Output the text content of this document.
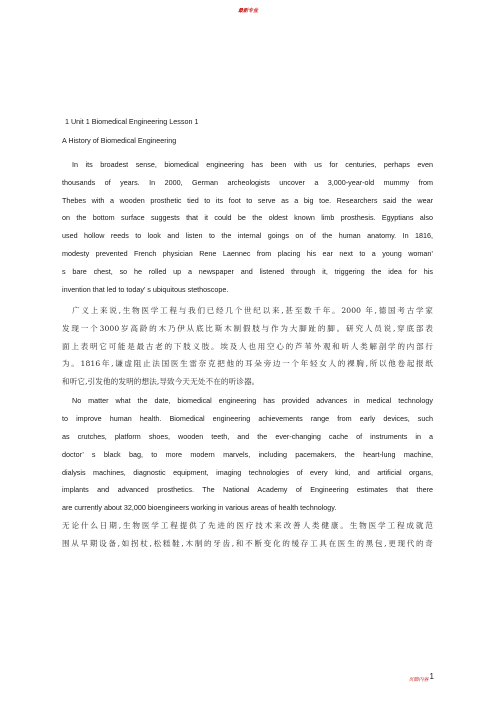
最新专业
1 Unit 1 Biomedical Engineering Lesson 1
A History of Biomedical Engineering
In its broadest sense, biomedical engineering has been with us for centuries, perhaps even
thousands of years. In 2000, German archeologists uncover a 3,000-year-old mummy from
Thebes with a wooden prosthetic tied to its foot to serve as a big toe. Researchers said the wear
on the bottom surface suggests that it could be the oldest known limb prosthesis. Egyptians also
used hollow reeds to look and listen to the internal goings on of the human anatomy. In 1816,
modesty prevented French physician Rene Laennec from placing his ear next to a young woman’
s bare chest, so he rolled up a newspaper and listened through it, triggering the idea for his
invention that led to today’ s ubiquitous stethoscope.
广义上来说,生物医学工程与我们已经几个世纪以来,甚至数千年。2000 年,德国考古学家
发现一个3000岁高龄的木乃伊从底比斯木制假肢与作为大脚趾的脚。研究人员说,穿底部表
面上表明它可能是最古老的下肢义肢。埃及人也用空心的芦苇外观和听人类解剖学的内部行
为。1816年,谦虚阻止法国医生雷奈克把他的耳朵旁边一个年轻女人的裸胸,所以他卷起报纸
和听它,引发他的发明的想法,导致今天无处不在的听诊器。
No matter what the date, biomedical engineering has provided advances in medical technology
to improve human health. Biomedical engineering achievements range from early devices, such
as crutches, platform shoes, wooden teeth, and the ever-changing cache of instruments in a
doctor’ s black bag, to more modern marvels, including pacemakers, the heart-lung machine,
dialysis machines, diagnostic equipment, imaging technologies of every kind, and artificial organs,
implants and advanced prosthetics. The National Academy of Engineering estimates that there
are currently about 32,000 bioengineers working in various areas of health technology.
无论什么日期,生物医学工程提供了先进的医疗技术来改善人类健康。生物医学工程成就范
围从早期设备,如拐杖,松糕鞋,木制的牙齿,和不断变化的缓存工具在医生的黑包,更现代的奇
页脚内容1
